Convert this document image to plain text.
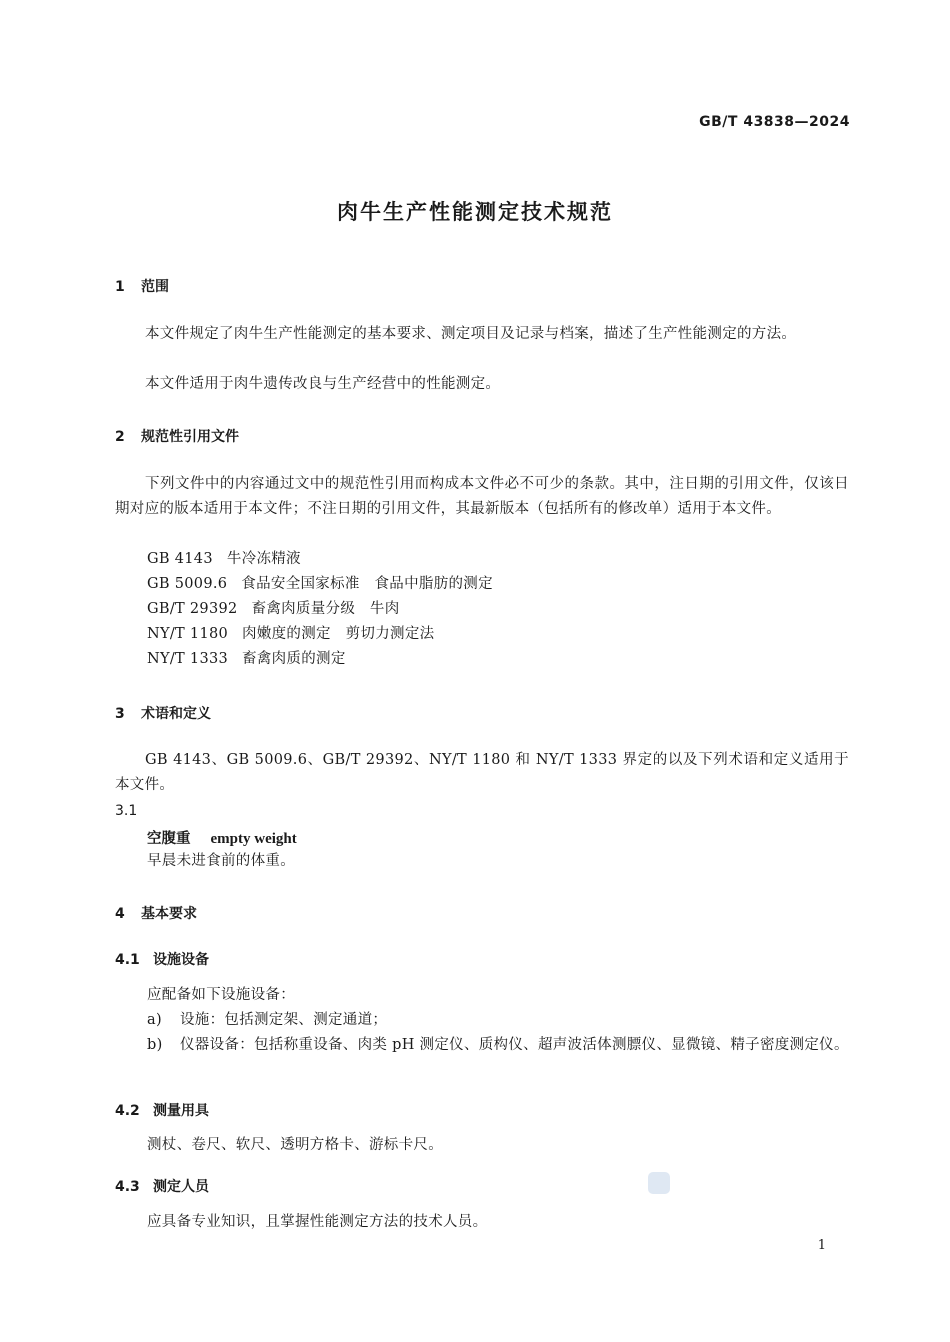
GB/T 43838—2024
肉牛生产性能测定技术规范
1 范围
本文件规定了肉牛生产性能测定的基本要求、测定项目及记录与档案，描述了生产性能测定的方法。
本文件适用于肉牛遗传改良与生产经营中的性能测定。
2 规范性引用文件
下列文件中的内容通过文中的规范性引用而构成本文件必不可少的条款。其中，注日期的引用文件，仅该日期对应的版本适用于本文件；不注日期的引用文件，其最新版本（包括所有的修改单）适用于本文件。
GB 4143 牛冷冻精液
GB 5009.6 食品安全国家标准　食品中脂肪的测定
GB/T 29392 畜禽肉质量分级　牛肉
NY/T 1180 肉嫩度的测定　剪切力测定法
NY/T 1333 畜禽肉质的测定
3 术语和定义
GB 4143、GB 5009.6、GB/T 29392、NY/T 1180 和 NY/T 1333 界定的以及下列术语和定义适用于本文件。
3.1
空腹重 empty weight
早晨未进食前的体重。
4 基本要求
4.1 设施设备
应配备如下设施设备：
a) 设施：包括测定架、测定通道；
b)	仪器设备：包括称重设备、肉类 pH 测定仪、质构仪、超声波活体测膘仪、显微镜、精子密度测定仪。
4.2 测量用具
测杖、卷尺、软尺、透明方格卡、游标卡尺。
4.3 测定人员
应具备专业知识，且掌握性能测定方法的技术人员。
1
